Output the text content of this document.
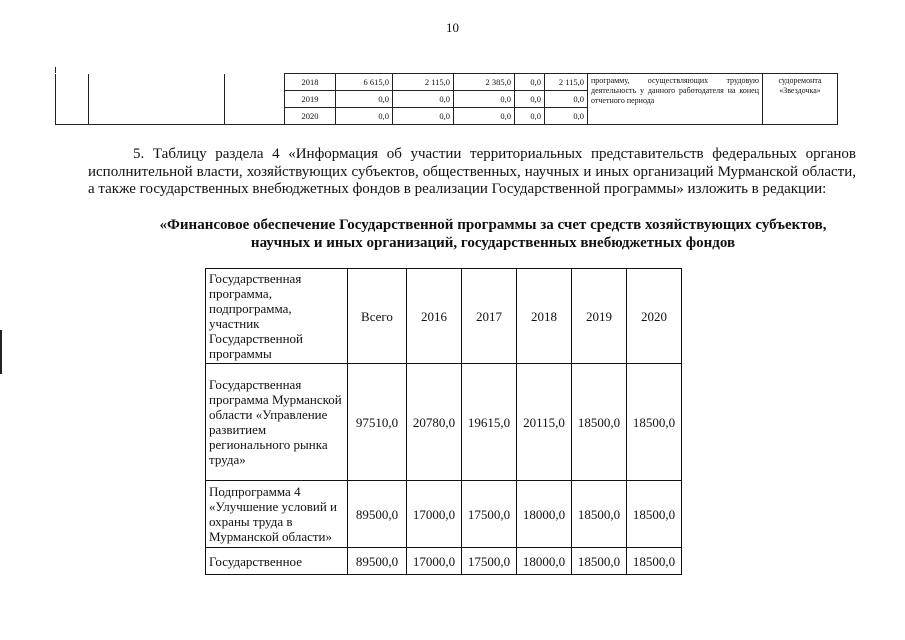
10
			2018	6 615,0	2 115,0	2 385,0	0,0	2 115,0	программу, осуществляющих трудовую деятельность у данного работодателя на конец отчетного периода	судоремонта «Звездочка»
			2019	0,0	0,0	0,0	0,0	0,0		
			2020	0,0	0,0	0,0	0,0	0,0		
5. Таблицу раздела 4 «Информация об участии территориальных представительств федеральных органов исполнительной власти, хозяйствующих субъектов, общественных, научных и иных организаций Мурманской области, а также государственных внебюджетных фондов в реализации Государственной программы» изложить в редакции:
«Финансовое обеспечение Государственной программы за счет средств хозяйствующих субъектов, научных и иных организаций, государственных внебюджетных фондов
Государственная программа, подпрограмма, участник Государственной программы	Всего	2016	2017	2018	2019	2020
Государственная программа Мурманской области «Управление развитием регионального рынка труда»	97510,0	20780,0	19615,0	20115,0	18500,0	18500,0
Подпрограмма 4 «Улучшение условий и охраны труда в Мурманской области»	89500,0	17000,0	17500,0	18000,0	18500,0	18500,0
Государственное	89500,0	17000,0	17500,0	18000,0	18500,0	18500,0
